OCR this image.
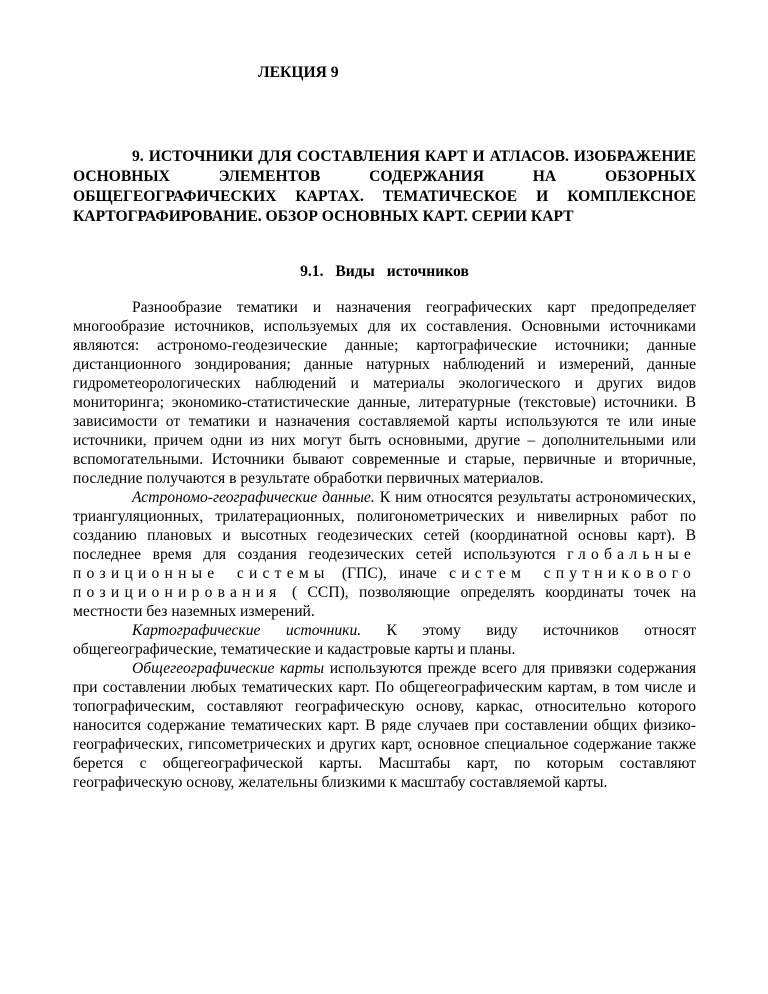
ЛЕКЦИЯ 9

9. ИСТОЧНИКИ ДЛЯ СОСТАВЛЕНИЯ КАРТ И АТЛАСОВ. ИЗОБРАЖЕНИЕ ОСНОВНЫХ ЭЛЕМЕНТОВ СОДЕРЖАНИЯ НА ОБЗОРНЫХ ОБЩЕГЕОГРАФИЧЕСКИХ КАРТАХ. ТЕМАТИЧЕСКОЕ И КОМПЛЕКСНОЕ КАРТОГРАФИРОВАНИЕ. ОБЗОР ОСНОВНЫХ КАРТ. СЕРИИ КАРТ

9.1. Виды источников

Разнообразие тематики и назначения географических карт предопределяет многообразие источников, используемых для их составления. Основными источниками являются: астрономо-геодезические данные; картографические источники; данные дистанционного зондирования; данные натурных наблюдений и измерений, данные гидрометеорологических наблюдений и материалы экологического и других видов мониторинга; экономико-статистические данные, литературные (текстовые) источники. В зависимости от тематики и назначения составляемой карты используются те или иные источники, причем одни из них могут быть основными, другие – дополнительными или вспомогательными. Источники бывают современные и старые, первичные и вторичные, последние получаются в результате обработки первичных материалов.

Астрономо-географические данные. К ним относятся результаты астрономических, триангуляционных, трилатерационных, полигонометрических и нивелирных работ по созданию плановых и высотных геодезических сетей (координатной основы карт). В последнее время для создания геодезических сетей используются глобальные позиционные системы (ГПС), иначе систем спутникового позиционирования ( ССП), позволяющие определять координаты точек на местности без наземных измерений.

Картографические источники. К этому виду источников относят общегеографические, тематические и кадастровые карты и планы.

Общегеографические карты используются прежде всего для привязки содержания при составлении любых тематических карт. По общегеографическим картам, в том числе и топографическим, составляют географическую основу, каркас, относительно которого наносится содержание тематических карт. В ряде случаев при составлении общих физико-географических, гипсометрических и других карт, основное специальное содержание также берется с общегеографической карты. Масштабы карт, по которым составляют географическую основу, желательны близкими к масштабу составляемой карты.
